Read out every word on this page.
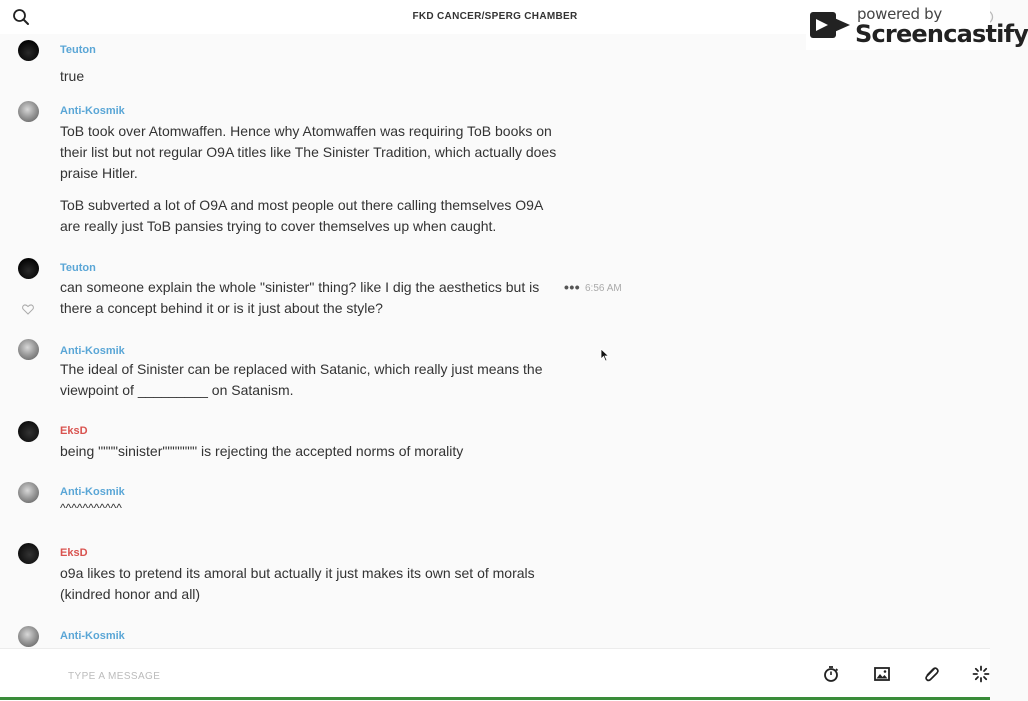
FKD CANCER/SPERG CHAMBER	powered by
Screencastify
Teuton
true
Anti-Kosmik
ToB took over Atomwaffen. Hence why Atomwaffen was requiring ToB books on their list but not regular O9A titles like The Sinister Tradition, which actually does praise Hitler.
ToB subverted a lot of O9A and most people out there calling themselves O9A are really just ToB pansies trying to cover themselves up when caught.
Teuton
can someone explain the whole "sinister" thing? like I dig the aesthetics but is there a concept behind it or is it just about the style?
••• 6:56 AM
Anti-Kosmik
The ideal of Sinister can be replaced with Satanic, which really just means the viewpoint of _________ on Satanism.
EksD
being """"sinister""""""" is rejecting the accepted norms of morality
Anti-Kosmik
^^^^^^^^^^^
EksD
o9a likes to pretend its amoral but actually it just makes its own set of morals (kindred honor and all)
Anti-Kosmik
TYPE A MESSAGE
